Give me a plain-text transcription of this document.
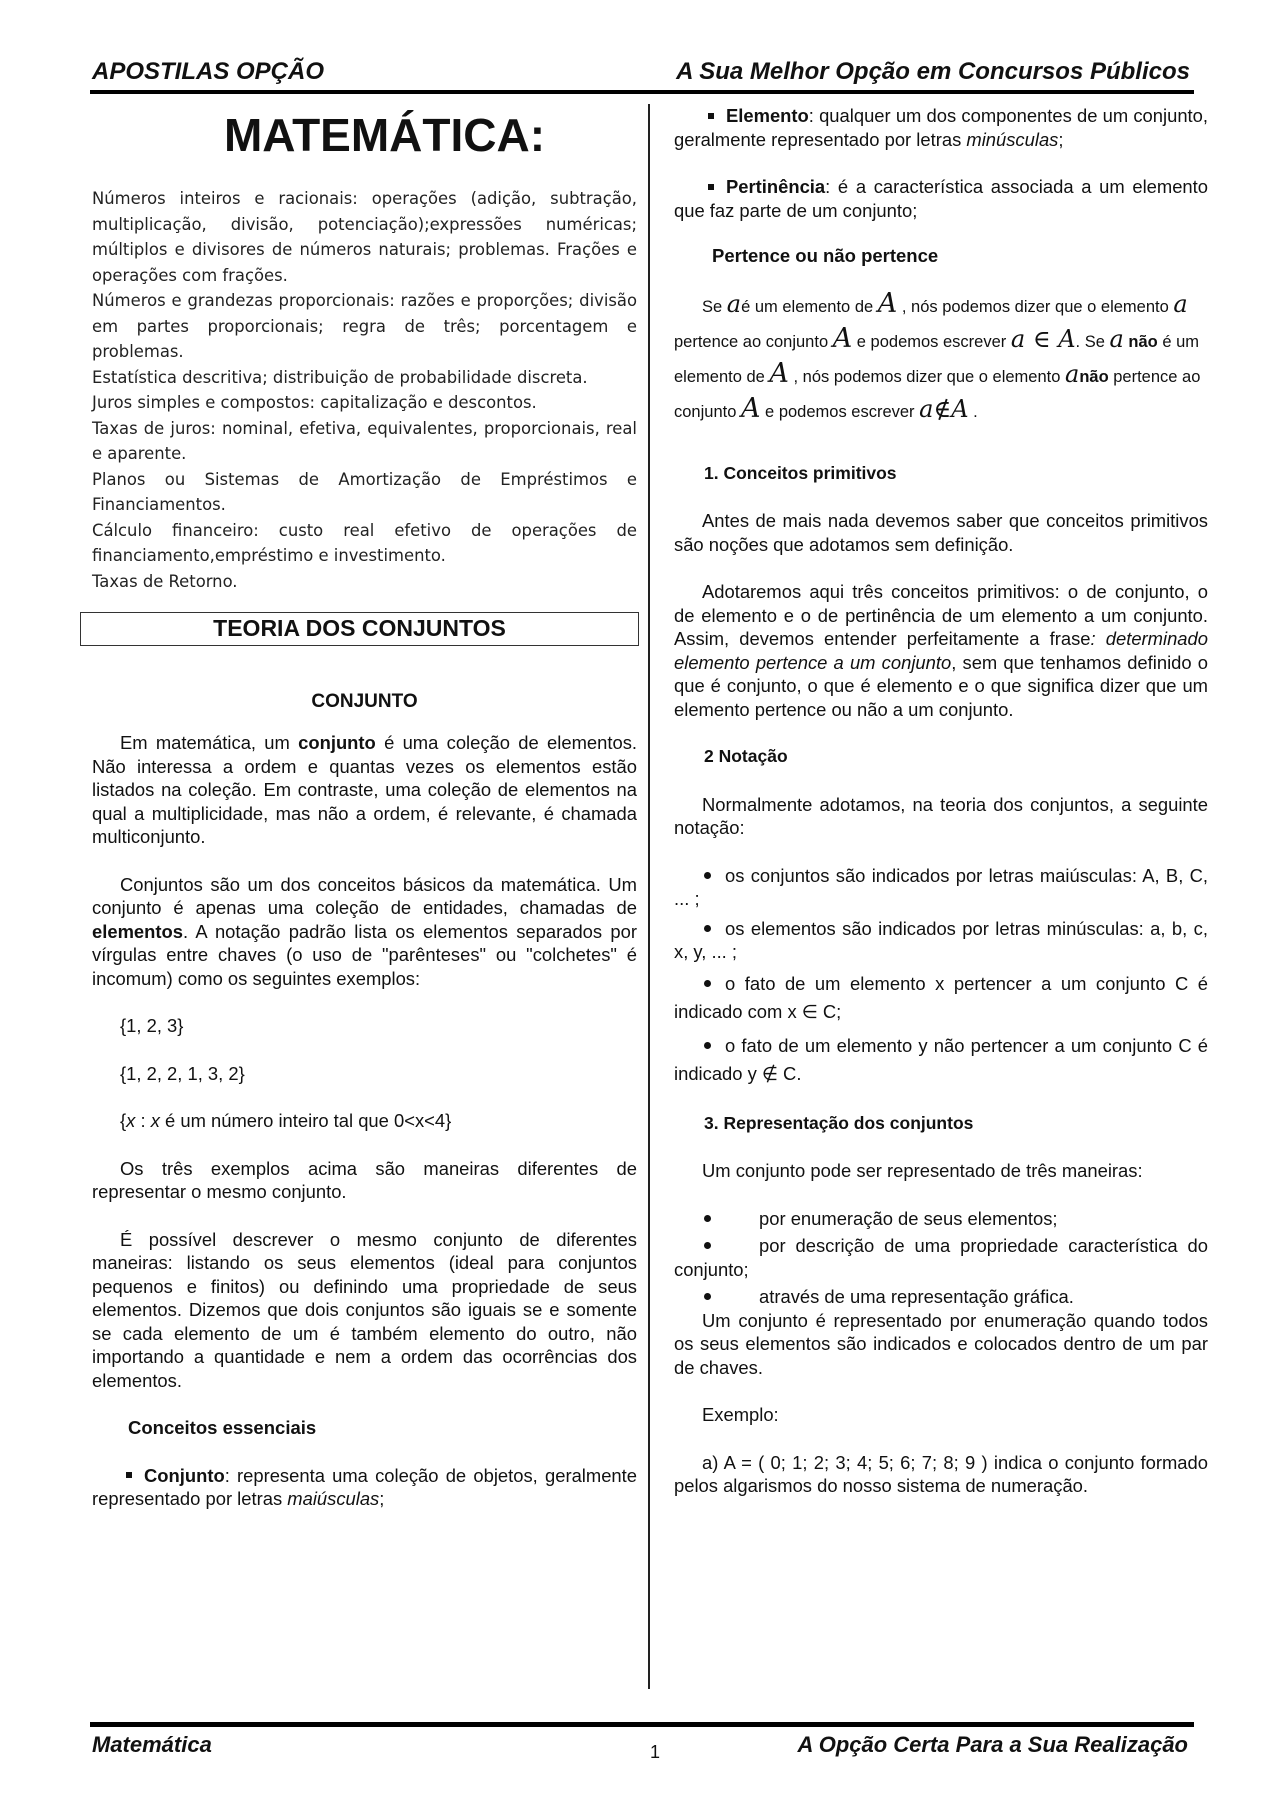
APOSTILAS OPÇÃO	A Sua Melhor Opção em Concursos Públicos
MATEMÁTICA:

Números inteiros e racionais: operações (adição, subtração, multiplicação, divisão, potenciação);expressões numéricas; múltiplos e divisores de números naturais; problemas. Frações e operações com frações.

Números e grandezas proporcionais: razões e proporções; divisão em partes proporcionais; regra de três; porcentagem e problemas.

Estatística descritiva; distribuição de probabilidade discreta.

Juros simples e compostos: capitalização e descontos.

Taxas de juros: nominal, efetiva, equivalentes, proporcionais, real e aparente.

Planos ou Sistemas de Amortização de Empréstimos e Financiamentos.

Cálculo financeiro: custo real efetivo de operações de financiamento,empréstimo e investimento.

Taxas de Retorno.

TEORIA DOS CONJUNTOS
CONJUNTO

Em matemática, um conjunto é uma coleção de elementos. Não interessa a ordem e quantas vezes os elementos estão listados na coleção. Em contraste, uma coleção de elementos na qual a multiplicidade, mas não a ordem, é relevante, é chamada multiconjunto.

Conjuntos são um dos conceitos básicos da matemática. Um conjunto é apenas uma coleção de entidades, chamadas de elementos. A notação padrão lista os elementos separados por vírgulas entre chaves (o uso de "parênteses" ou "colchetes" é incomum) como os seguintes exemplos:

{1, 2, 3}

{1, 2, 2, 1, 3, 2}

{x : x é um número inteiro tal que 0<x<4}

Os três exemplos acima são maneiras diferentes de representar o mesmo conjunto.

É possível descrever o mesmo conjunto de diferentes maneiras: listando os seus elementos (ideal para conjuntos pequenos e finitos) ou definindo uma propriedade de seus elementos. Dizemos que dois conjuntos são iguais se e somente se cada elemento de um é também elemento do outro, não importando a quantidade e nem a ordem das ocorrências dos elementos.

Conceitos essenciais

Conjunto: representa uma coleção de objetos, geralmente representado por letras maiúsculas;

Elemento: qualquer um dos componentes de um conjunto, geralmente representado por letras minúsculas;

Pertinência: é a característica associada a um elemento que faz parte de um conjunto;

Pertence ou não pertence

Se aé um elemento de A , nós podemos dizer que o elemento a pertence ao conjunto A e podemos escrever a ∈ A. Se a não é um elemento de A , nós podemos dizer que o elemento anão pertence ao conjunto A e podemos escrever a∉A .

1. Conceitos primitivos

Antes de mais nada devemos saber que conceitos primitivos são noções que adotamos sem definição.

Adotaremos aqui três conceitos primitivos: o de conjunto, o de elemento e o de pertinência de um elemento a um conjunto. Assim, devemos entender perfeitamente a frase: determinado elemento pertence a um conjunto, sem que tenhamos definido o que é conjunto, o que é elemento e o que significa dizer que um elemento pertence ou não a um conjunto.

2 Notação

Normalmente adotamos, na teoria dos conjuntos, a seguinte notação:

os conjuntos são indicados por letras maiúsculas: A, B, C, ... ;

os elementos são indicados por letras minúsculas: a, b, c, x, y, ... ;

o fato de um elemento x pertencer a um conjunto C é indicado com x ∈ C;

o fato de um elemento y não pertencer a um conjunto C é indicado y ∉ C.

3. Representação dos conjuntos

Um conjunto pode ser representado de três maneiras:

por enumeração de seus elementos;

por descrição de uma propriedade característica do conjunto;

através de uma representação gráfica.

Um conjunto é representado por enumeração quando todos os seus elementos são indicados e colocados dentro de um par de chaves.

Exemplo:

a) A = ( 0; 1; 2; 3; 4; 5; 6; 7; 8; 9 ) indica o conjunto formado pelos algarismos do nosso sistema de numeração.

Matemática	1	A Opção Certa Para a Sua Realização
